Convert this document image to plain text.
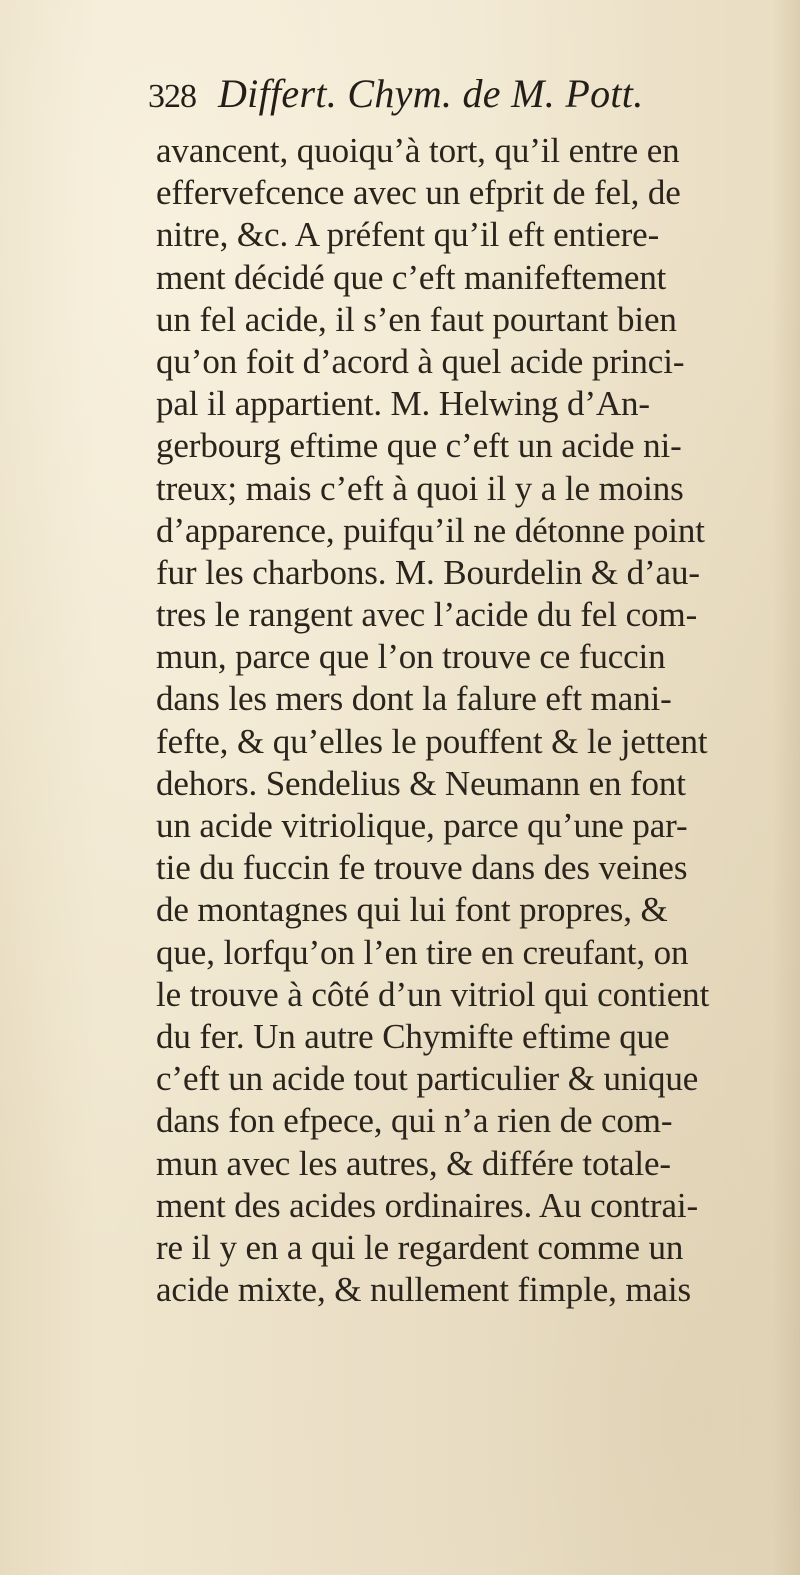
328 Differt. Chym. de M. Pott.
avancent, quoiqu’à tort, qu’il entre en
effervefcence avec un efprit de fel, de
nitre, &c. A préfent qu’il eft entiere-
ment décidé que c’eft manifeftement
un fel acide, il s’en faut pourtant bien
qu’on foit d’acord à quel acide princi-
pal il appartient. M. Helwing d’An-
gerbourg eftime que c’eft un acide ni-
treux; mais c’eft à quoi il y a le moins
d’apparence, puifqu’il ne détonne point
fur les charbons. M. Bourdelin & d’au-
tres le rangent avec l’acide du fel com-
mun, parce que l’on trouve ce fuccin
dans les mers dont la falure eft mani-
fefte, & qu’elles le pouffent & le jettent
dehors. Sendelius & Neumann en font
un acide vitriolique, parce qu’une par-
tie du fuccin fe trouve dans des veines
de montagnes qui lui font propres, &
que, lorfqu’on l’en tire en creufant, on
le trouve à côté d’un vitriol qui contient
du fer. Un autre Chymifte eftime que
c’eft un acide tout particulier & unique
dans fon efpece, qui n’a rien de com-
mun avec les autres, & différe totale-
ment des acides ordinaires. Au contrai-
re il y en a qui le regardent comme un
acide mixte, & nullement fimple, mais
